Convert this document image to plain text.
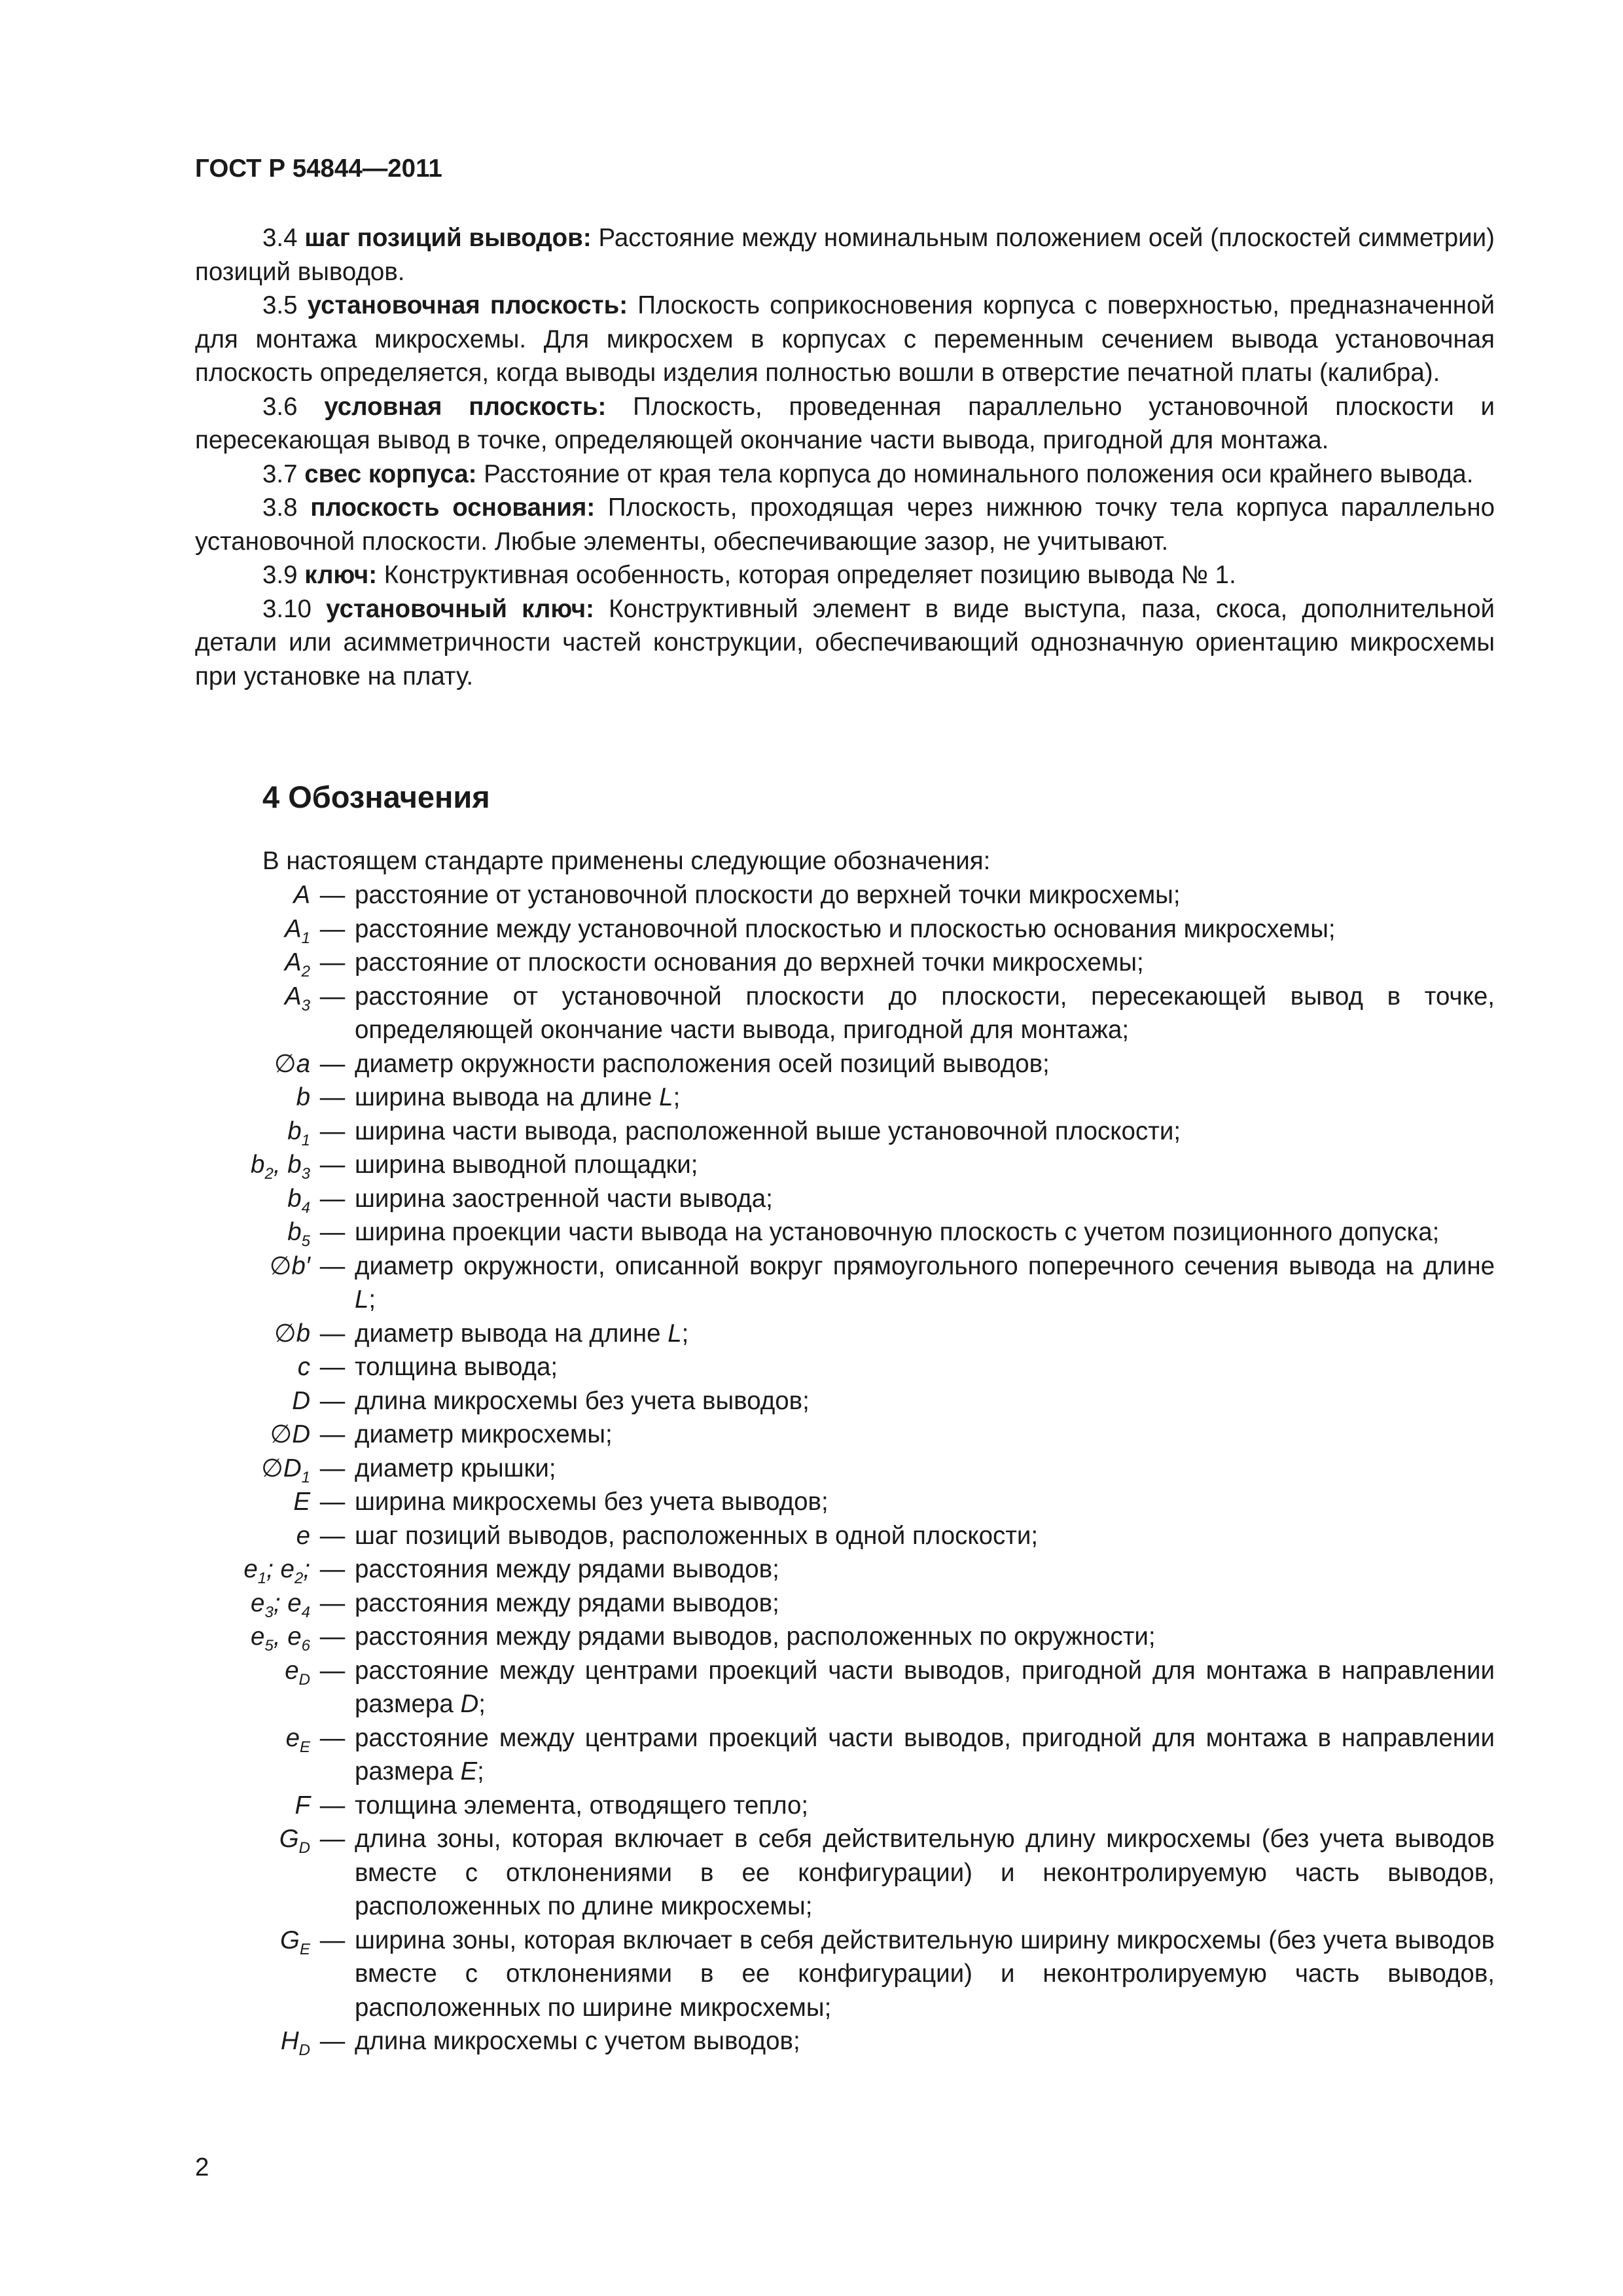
ГОСТ Р 54844—2011

3.4 шаг позиций выводов: Расстояние между номинальным положением осей (плоскостей симметрии) позиций выводов.

3.5 установочная плоскость: Плоскость соприкосновения корпуса с поверхностью, предназначенной для монтажа микросхемы. Для микросхем в корпусах с переменным сечением вывода установочная плоскость определяется, когда выводы изделия полностью вошли в отверстие печатной платы (калибра).

3.6 условная плоскость: Плоскость, проведенная параллельно установочной плоскости и пересекающая вывод в точке, определяющей окончание части вывода, пригодной для монтажа.

3.7 свес корпуса: Расстояние от края тела корпуса до номинального положения оси крайнего вывода.

3.8 плоскость основания: Плоскость, проходящая через нижнюю точку тела корпуса параллельно установочной плоскости. Любые элементы, обеспечивающие зазор, не учитывают.

3.9 ключ: Конструктивная особенность, которая определяет позицию вывода № 1.

3.10 установочный ключ: Конструктивный элемент в виде выступа, паза, скоса, дополнительной детали или асимметричности частей конструкции, обеспечивающий однозначную ориентацию микросхемы при установке на плату.

4 Обозначения
В настоящем стандарте применены следующие обозначения:
A — расстояние от установочной плоскости до верхней точки микросхемы;
$A_1$ — расстояние между установочной плоскостью и плоскостью основания микросхемы;
$A_2$ — расстояние от плоскости основания до верхней точки микросхемы;
$A_3$ — расстояние от установочной плоскости до плоскости, пересекающей вывод в точке, определяющей окончание части вывода, пригодной для монтажа;
∅a — диаметр окружности расположения осей позиций выводов;
b — ширина вывода на длине L;
$b_1$ — ширина части вывода, расположенной выше установочной плоскости;
$b_2$, $b_3$ — ширина выводной площадки;
$b_4$ — ширина заостренной части вывода;
$b_5$ — ширина проекции части вывода на установочную плоскость с учетом позиционного допуска;
∅b′ — диаметр окружности, описанной вокруг прямоугольного поперечного сечения вывода на длине L;
∅b — диаметр вывода на длине L;
c — толщина вывода;
D — длина микросхемы без учета выводов;
∅D — диаметр микросхемы;
$\emptyset D_1$ — диаметр крышки;
E — ширина микросхемы без учета выводов;
e — шаг позиций выводов, расположенных в одной плоскости;
$e_1$; $e_2$; — расстояния между рядами выводов;
$e_3$; $e_4$ — расстояния между рядами выводов;
$e_5$, $e_6$ — расстояния между рядами выводов, расположенных по окружности;
$e_D$ — расстояние между центрами проекций части выводов, пригодной для монтажа в направлении размера D;
$e_E$ — расстояние между центрами проекций части выводов, пригодной для монтажа в направлении размера E;
F — толщина элемента, отводящего тепло;
$G_D$ — длина зоны, которая включает в себя действительную длину микросхемы (без учета выводов вместе с отклонениями в ее конфигурации) и неконтролируемую часть выводов, расположенных по длине микросхемы;
$G_E$ — ширина зоны, которая включает в себя действительную ширину микросхемы (без учета выводов вместе с отклонениями в ее конфигурации) и неконтролируемую часть выводов, расположенных по ширине микросхемы;
$H_D$ — длина микросхемы с учетом выводов;
2
